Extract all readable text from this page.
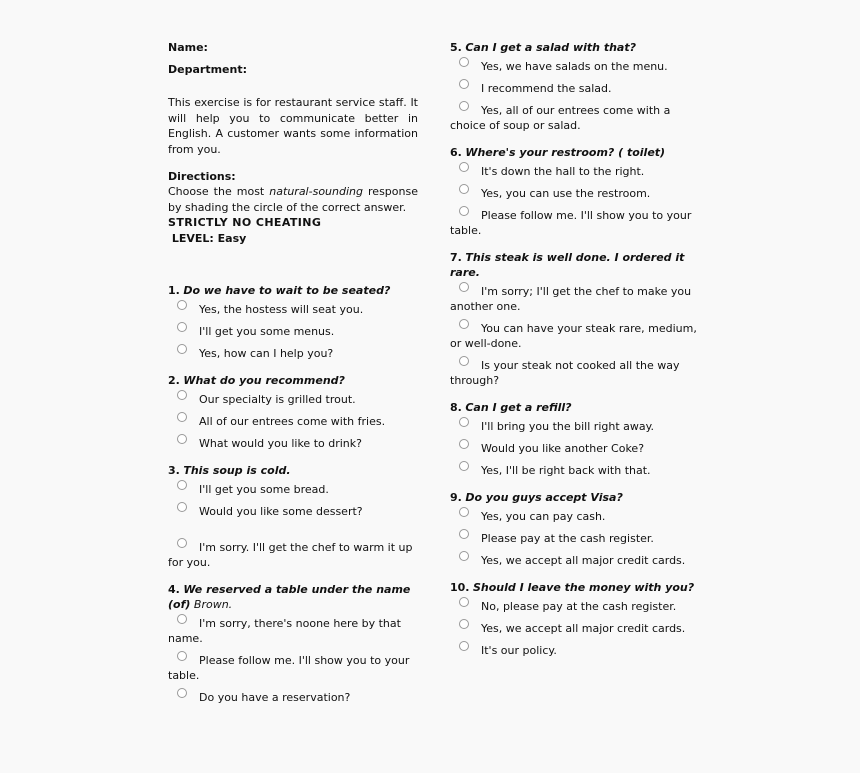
Name:
Department:
This exercise is for restaurant service staff. It will help you to communicate better in English. A customer wants some information from you.
Directions:
Choose the most natural-sounding response by shading the circle of the correct answer.
STRICTLY NO CHEATING
LEVEL: Easy
1. Do we have to wait to be seated?
Yes, the hostess will seat you.
I'll get you some menus.
Yes, how can I help you?
2. What do you recommend?
Our specialty is grilled trout.
All of our entrees come with fries.
What would you like to drink?
3. This soup is cold.
I'll get you some bread.
Would you like some dessert?
I'm sorry. I'll get the chef to warm it up for you.
4. We reserved a table under the name (of) Brown.
I'm sorry, there's noone here by that name.
Please follow me. I'll show you to your table.
Do you have a reservation?
5. Can I get a salad with that?
Yes, we have salads on the menu.
I recommend the salad.
Yes, all of our entrees come with a choice of soup or salad.
6. Where's your restroom? ( toilet)
It's down the hall to the right.
Yes, you can use the restroom.
Please follow me. I'll show you to your table.
7. This steak is well done. I ordered it rare.
I'm sorry; I'll get the chef to make you another one.
You can have your steak rare, medium, or well-done.
Is your steak not cooked all the way through?
8. Can I get a refill?
I'll bring you the bill right away.
Would you like another Coke?
Yes, I'll be right back with that.
9. Do you guys accept Visa?
Yes, you can pay cash.
Please pay at the cash register.
Yes, we accept all major credit cards.
10. Should I leave the money with you?
No, please pay at the cash register.
Yes, we accept all major credit cards.
It's our policy.
